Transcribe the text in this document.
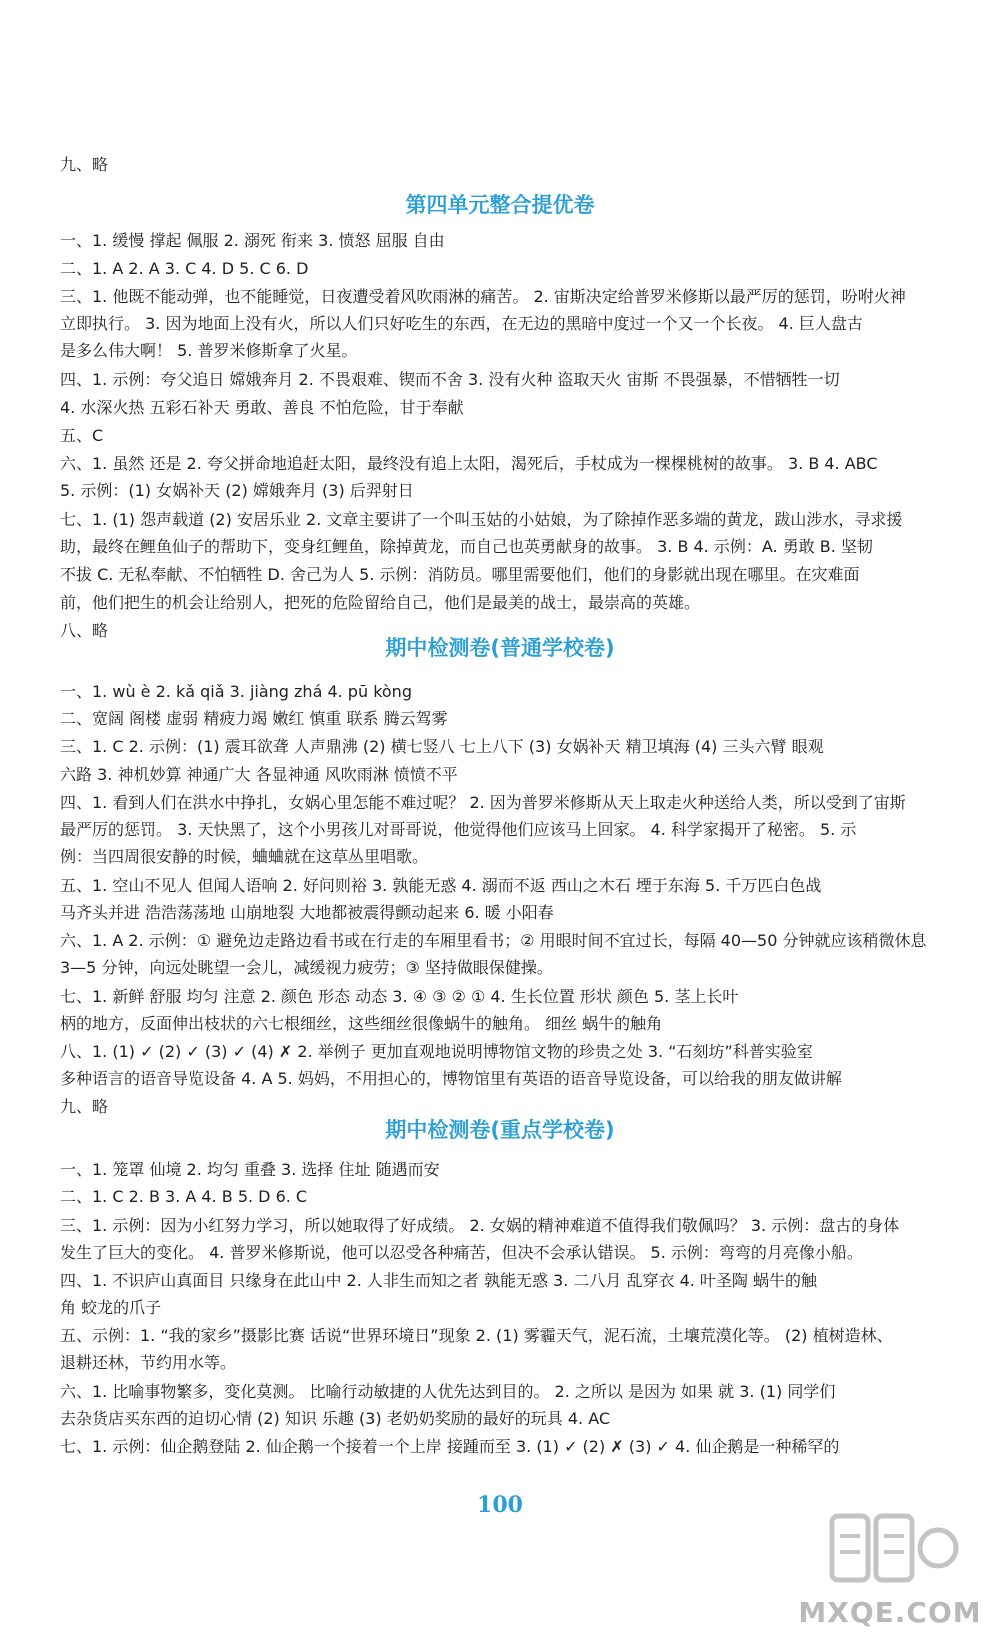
九、略
第四单元整合提优卷
一、1. 缓慢 撑起 佩服 2. 溺死 衔来 3. 愤怒 屈服 自由
二、1. A 2. A 3. C 4. D 5. C 6. D
三、1. 他既不能动弹，也不能睡觉，日夜遭受着风吹雨淋的痛苦。 2. 宙斯决定给普罗米修斯以最严厉的惩罚，吩咐火神
立即执行。 3. 因为地面上没有火，所以人们只好吃生的东西，在无边的黑暗中度过一个又一个长夜。 4. 巨人盘古
是多么伟大啊！ 5. 普罗米修斯拿了火星。
四、1. 示例：夸父追日 嫦娥奔月 2. 不畏艰难、锲而不舍 3. 没有火种 盗取天火 宙斯 不畏强暴，不惜牺牲一切
4. 水深火热 五彩石补天 勇敢、善良 不怕危险，甘于奉献
五、C
六、1. 虽然 还是 2. 夸父拼命地追赶太阳，最终没有追上太阳，渴死后，手杖成为一棵棵桃树的故事。 3. B 4. ABC
5. 示例：(1) 女娲补天 (2) 嫦娥奔月 (3) 后羿射日
七、1. (1) 怨声载道 (2) 安居乐业 2. 文章主要讲了一个叫玉姑的小姑娘，为了除掉作恶多端的黄龙，跋山涉水，寻求援
助，最终在鲤鱼仙子的帮助下，变身红鲤鱼，除掉黄龙，而自己也英勇献身的故事。 3. B 4. 示例：A. 勇敢 B. 坚韧
不拔 C. 无私奉献、不怕牺牲 D. 舍己为人 5. 示例：消防员。哪里需要他们，他们的身影就出现在哪里。在灾难面
前，他们把生的机会让给别人，把死的危险留给自己，他们是最美的战士，最崇高的英雄。
八、略
期中检测卷(普通学校卷)
一、1. wù è 2. kǎ qiǎ 3. jiàng zhá 4. pū kòng
二、宽阔 阁楼 虚弱 精疲力竭 嫩红 慎重 联系 腾云驾雾
三、1. C 2. 示例：(1) 震耳欲聋 人声鼎沸 (2) 横七竖八 七上八下 (3) 女娲补天 精卫填海 (4) 三头六臂 眼观
六路 3. 神机妙算 神通广大 各显神通 风吹雨淋 愤愤不平
四、1. 看到人们在洪水中挣扎，女娲心里怎能不难过呢？ 2. 因为普罗米修斯从天上取走火种送给人类，所以受到了宙斯
最严厉的惩罚。 3. 天快黑了，这个小男孩儿对哥哥说，他觉得他们应该马上回家。 4. 科学家揭开了秘密。 5. 示
例：当四周很安静的时候，蛐蛐就在这草丛里唱歌。
五、1. 空山不见人 但闻人语响 2. 好问则裕 3. 孰能无惑 4. 溺而不返 西山之木石 堙于东海 5. 千万匹白色战
马齐头并进 浩浩荡荡地 山崩地裂 大地都被震得颤动起来 6. 暖 小阳春
六、1. A 2. 示例：① 避免边走路边看书或在行走的车厢里看书；② 用眼时间不宜过长，每隔 40—50 分钟就应该稍微休息
3—5 分钟，向远处眺望一会儿，减缓视力疲劳；③ 坚持做眼保健操。
七、1. 新鲜 舒服 均匀 注意 2. 颜色 形态 动态 3. ④ ③ ② ① 4. 生长位置 形状 颜色 5. 茎上长叶
柄的地方，反面伸出枝状的六七根细丝，这些细丝很像蜗牛的触角。 细丝 蜗牛的触角
八、1. (1) ✓ (2) ✓ (3) ✓ (4) ✗ 2. 举例子 更加直观地说明博物馆文物的珍贵之处 3. “石刻坊”科普实验室
多种语言的语音导览设备 4. A 5. 妈妈，不用担心的，博物馆里有英语的语音导览设备，可以给我的朋友做讲解
九、略
期中检测卷(重点学校卷)
一、1. 笼罩 仙境 2. 均匀 重叠 3. 选择 住址 随遇而安
二、1. C 2. B 3. A 4. B 5. D 6. C
三、1. 示例：因为小红努力学习，所以她取得了好成绩。 2. 女娲的精神难道不值得我们敬佩吗？ 3. 示例：盘古的身体
发生了巨大的变化。 4. 普罗米修斯说，他可以忍受各种痛苦，但决不会承认错误。 5. 示例：弯弯的月亮像小船。
四、1. 不识庐山真面目 只缘身在此山中 2. 人非生而知之者 孰能无惑 3. 二八月 乱穿衣 4. 叶圣陶 蜗牛的触
角 蛟龙的爪子
五、示例：1. “我的家乡”摄影比赛 话说“世界环境日”现象 2. (1) 雾霾天气，泥石流，土壤荒漠化等。 (2) 植树造林、
退耕还林，节约用水等。
六、1. 比喻事物繁多，变化莫测。 比喻行动敏捷的人优先达到目的。 2. 之所以 是因为 如果 就 3. (1) 同学们
去杂货店买东西的迫切心情 (2) 知识 乐趣 (3) 老奶奶奖励的最好的玩具 4. AC
七、1. 示例：仙企鹅登陆 2. 仙企鹅一个接着一个上岸 接踵而至 3. (1) ✓ (2) ✗ (3) ✓ 4. 仙企鹅是一种稀罕的
100
MXQE.COM
